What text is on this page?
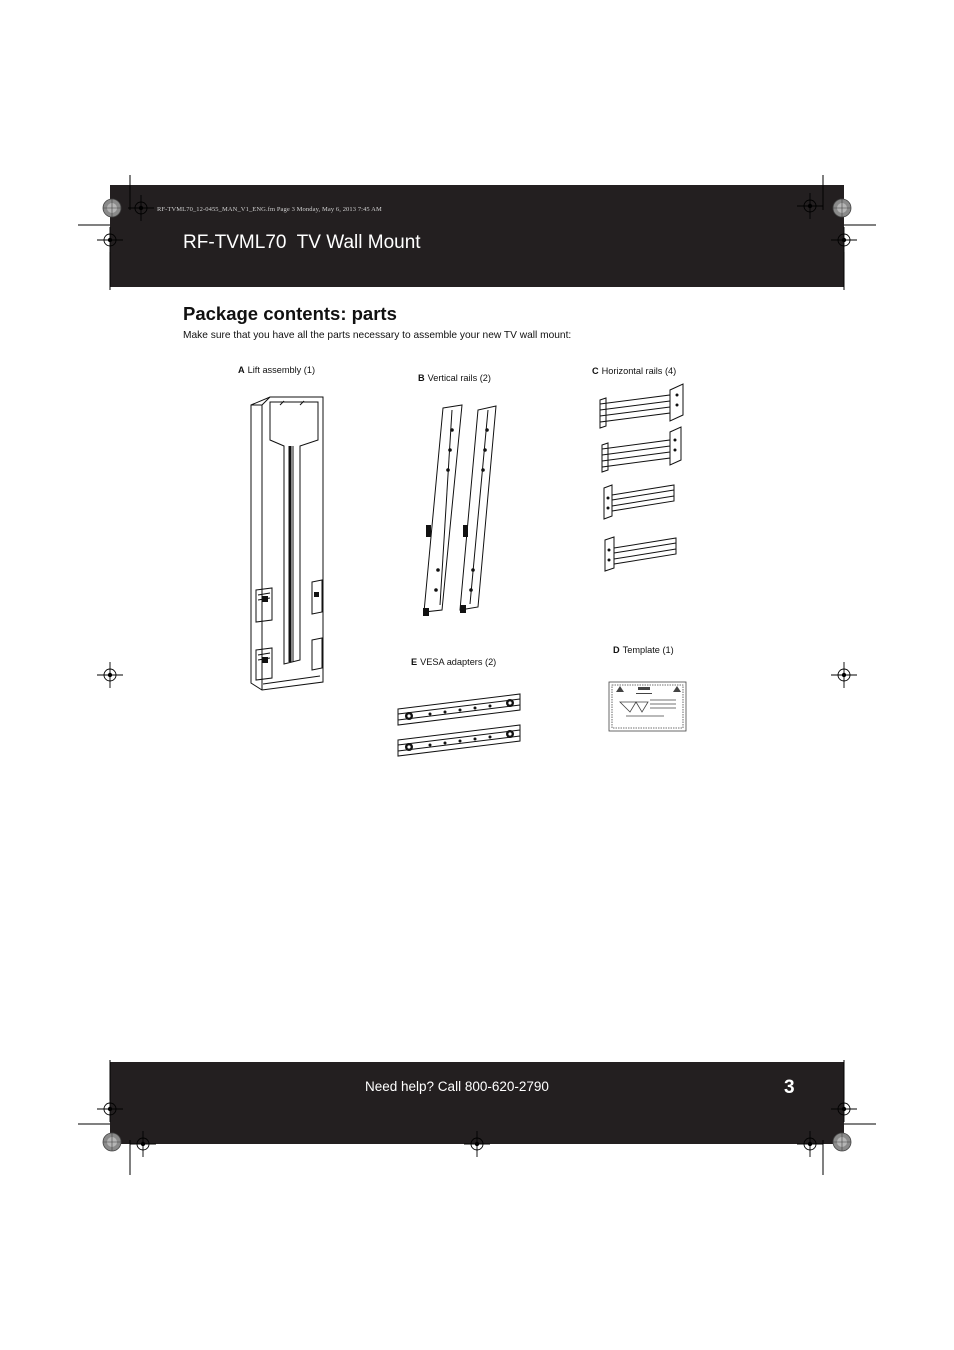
RF-TVML70_12-0455_MAN_V1_ENG.fm Page 3 Monday, May 6, 2013 7:45 AM
RF-TVML70  TV Wall Mount
Package contents: parts

Make sure that you have all the parts necessary to assemble your new TV wall mount:

A Lift assembly (1)
B Vertical rails (2)
C Horizontal rails (4)
D Template (1)
E VESA adapters (2)
Need help? Call 800-620-2790	3
